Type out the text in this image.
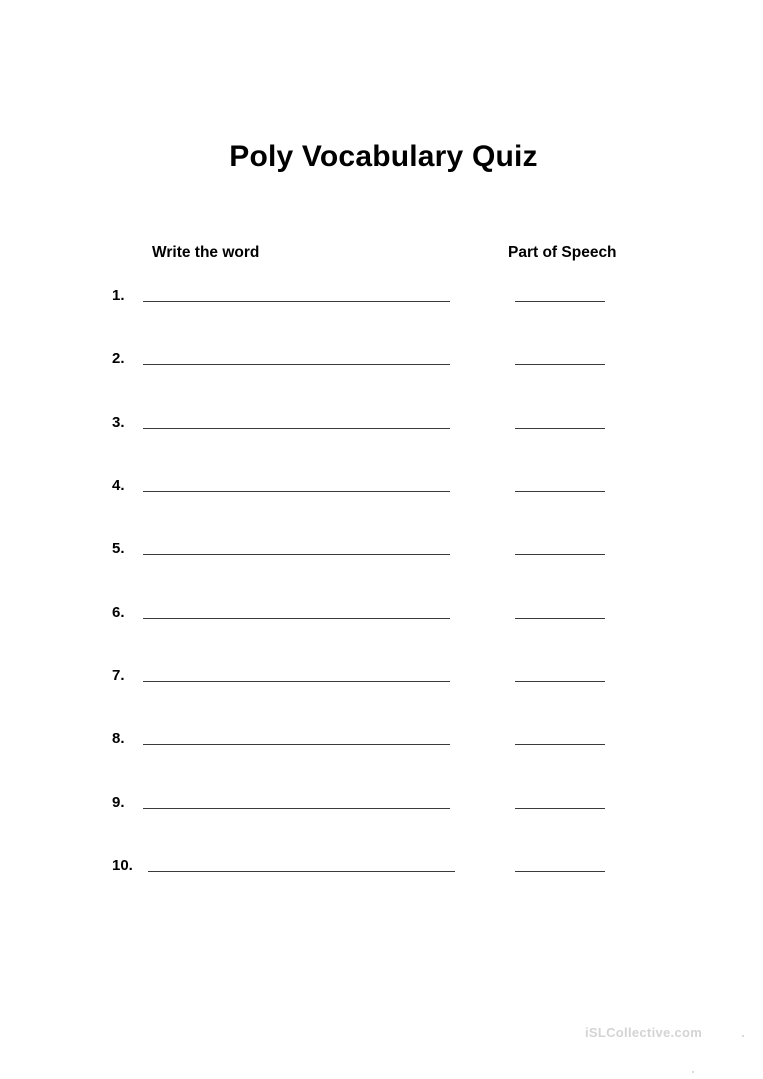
Poly Vocabulary Quiz
Write the word	Part of Speech
1.
2.
3.
4.
5.
6.
7.
8.
9.
10.
iSLCollective.com
